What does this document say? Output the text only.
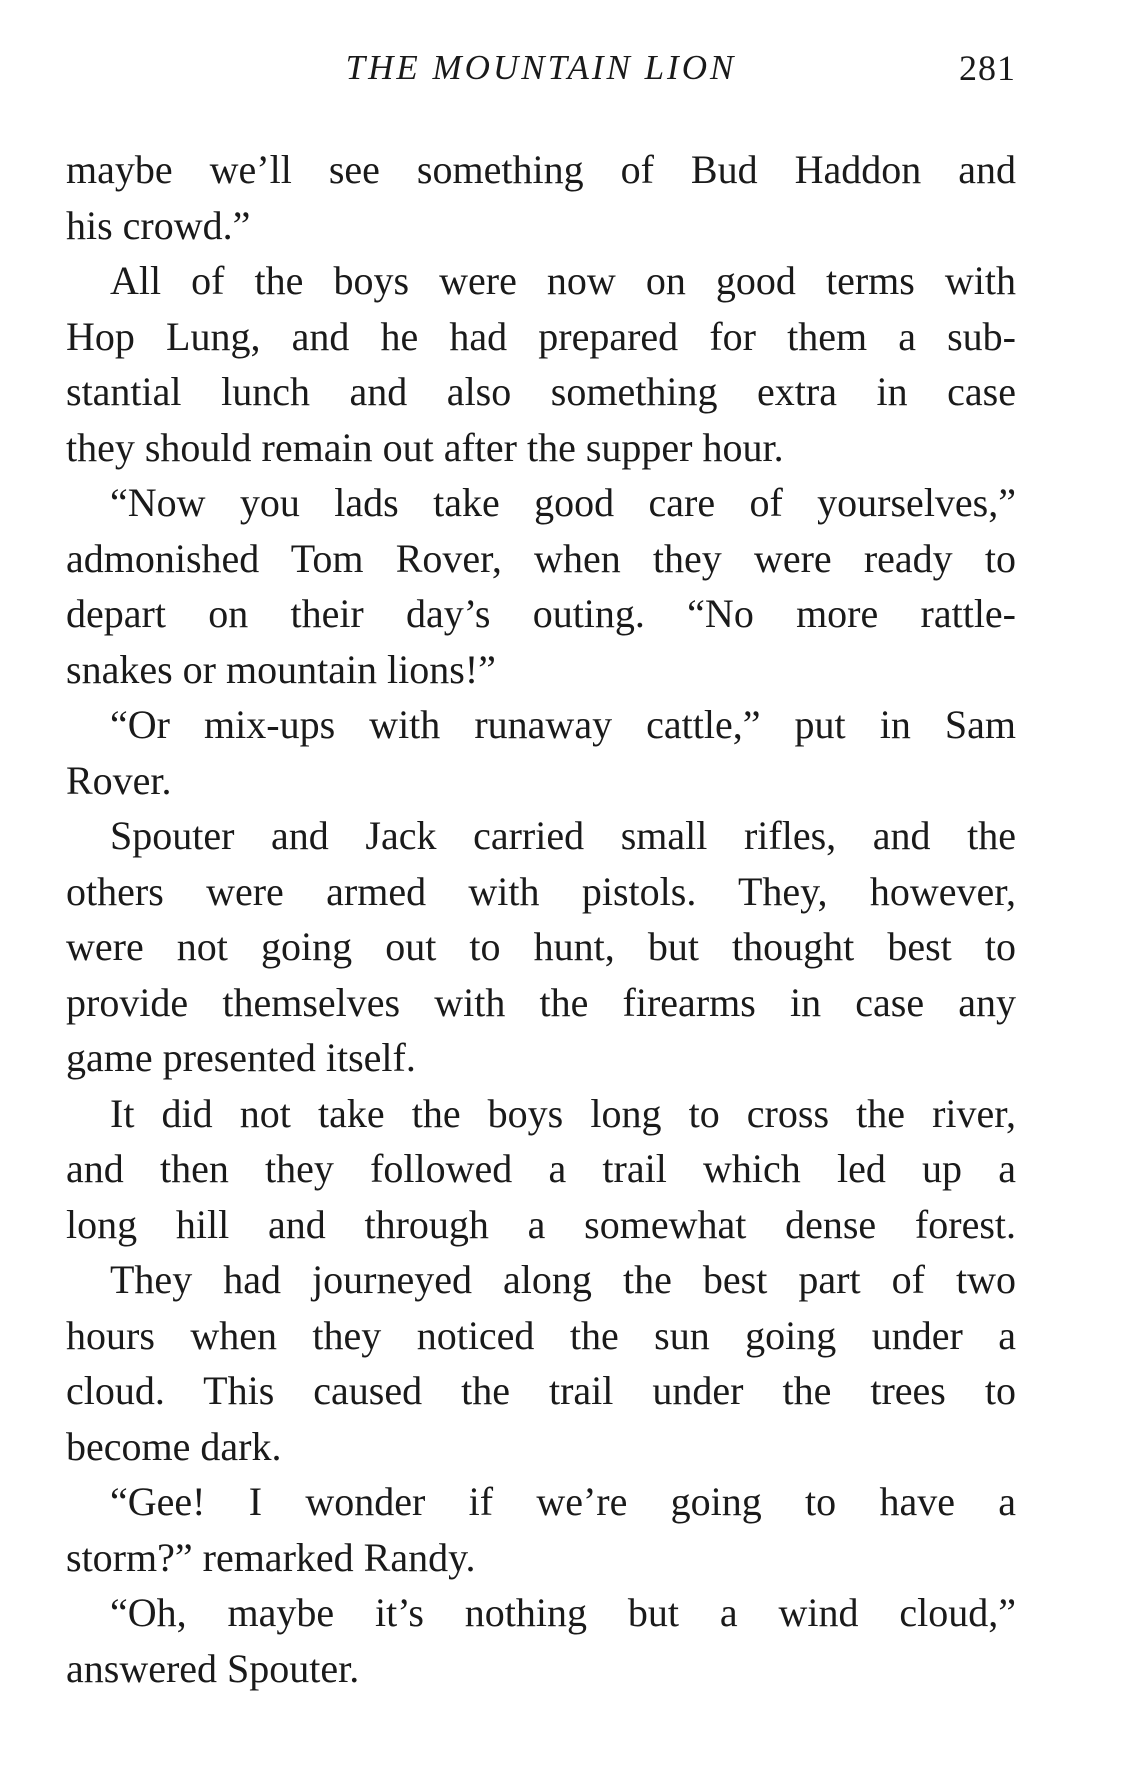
THE MOUNTAIN LION	281
maybe we’ll see something of Bud Haddon and
his crowd.”
All of the boys were now on good terms with
Hop Lung, and he had prepared for them a sub-
stantial lunch and also something extra in case
they should remain out after the supper hour.
“Now you lads take good care of yourselves,”
admonished Tom Rover, when they were ready to
depart on their day’s outing. “No more rattle-
snakes or mountain lions!”
“Or mix-ups with runaway cattle,” put in Sam
Rover.
Spouter and Jack carried small rifles, and the
others were armed with pistols. They, however,
were not going out to hunt, but thought best to
provide themselves with the firearms in case any
game presented itself.
It did not take the boys long to cross the river,
and then they followed a trail which led up a
long hill and through a somewhat dense forest.
They had journeyed along the best part of two
hours when they noticed the sun going under a
cloud. This caused the trail under the trees to
become dark.
“Gee! I wonder if we’re going to have a
storm?” remarked Randy.
“Oh, maybe it’s nothing but a wind cloud,”
answered Spouter.
